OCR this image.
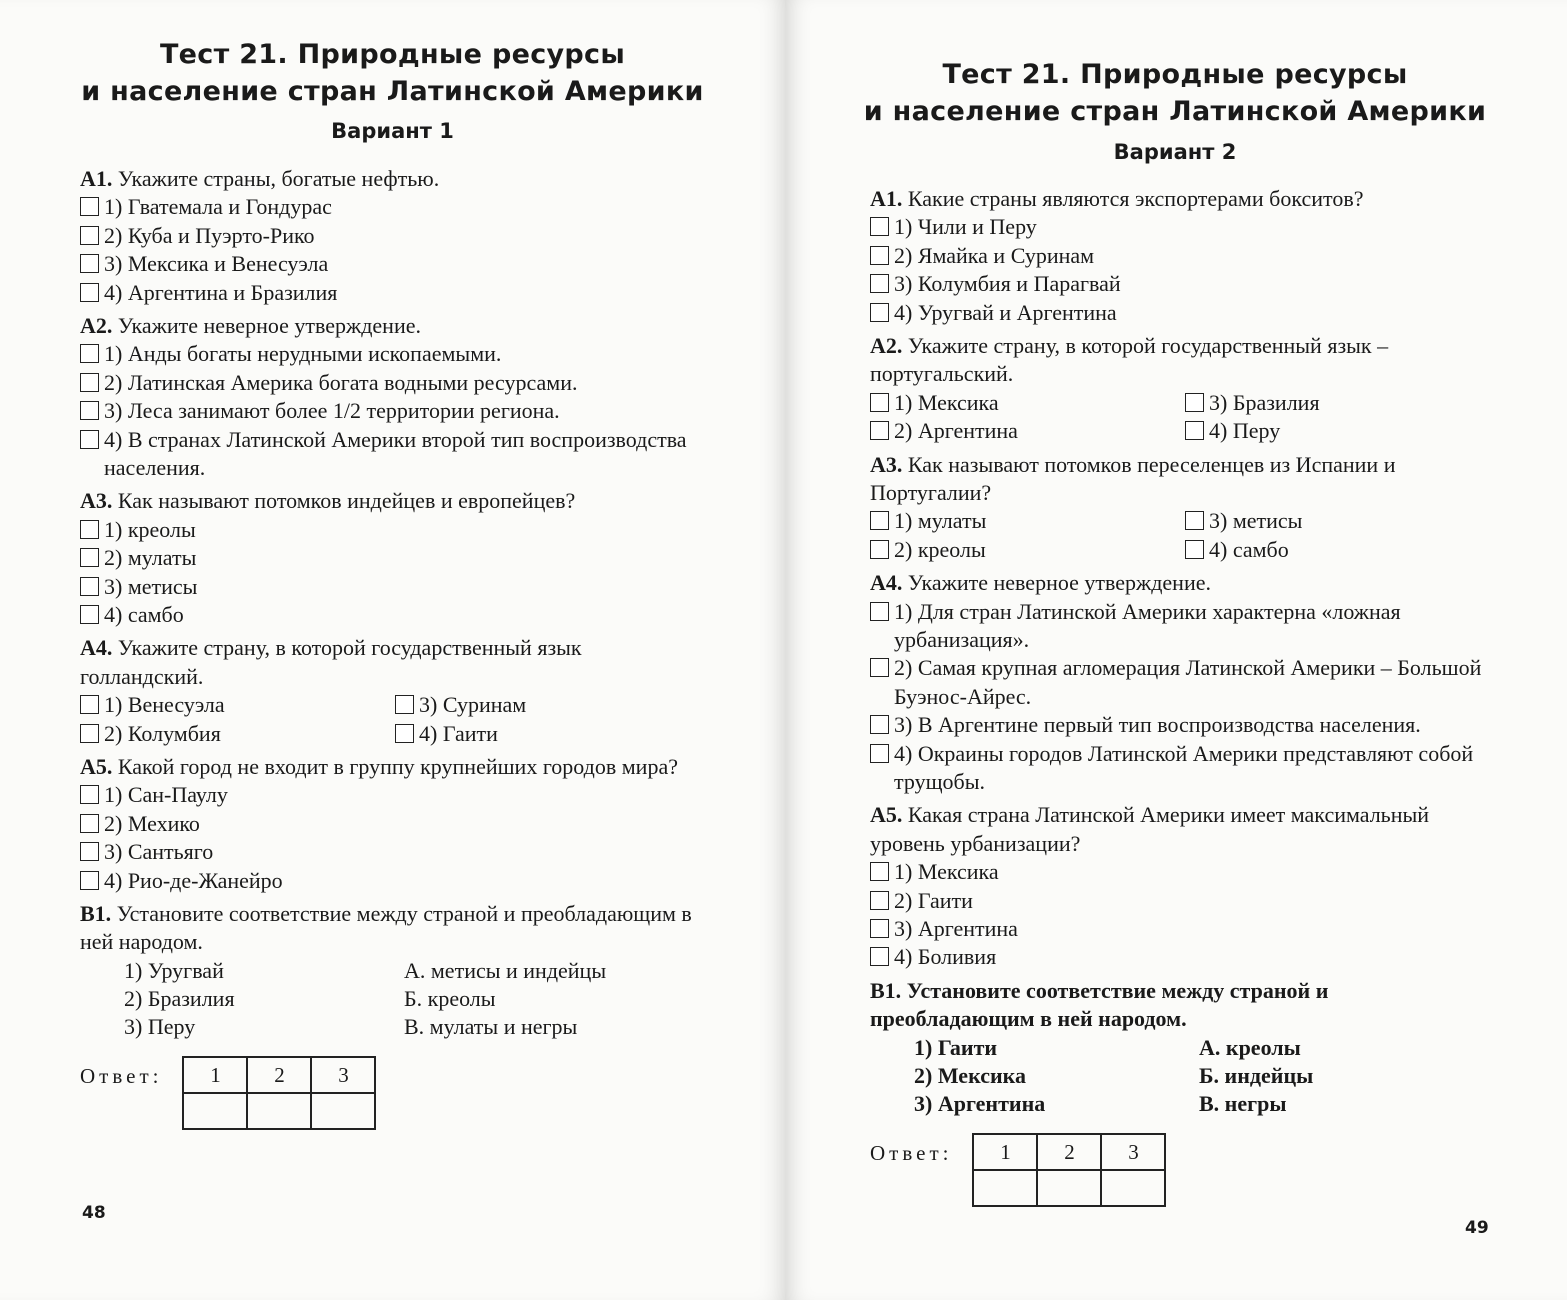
Тест 21. Природные ресурсы
и население стран Латинской Америки
Вариант 1
A1. Укажите страны, богатые нефтью.
1) Гватемала и Гондурас
2) Куба и Пуэрто-Рико
3) Мексика и Венесуэла
4) Аргентина и Бразилия
A2. Укажите неверное утверждение.
1) Анды богаты нерудными ископаемыми.
2) Латинская Америка богата водными ресурсами.
3) Леса занимают более 1/2 территории региона.
4) В странах Латинской Америки второй тип воспроизводства населения.
A3. Как называют потомков индейцев и европейцев?
1) креолы
2) мулаты
3) метисы
4) самбо
A4. Укажите страну, в которой государственный язык голландский.
1) Венесуэла	3) Суринам
2) Колумбия	4) Гаити
A5. Какой город не входит в группу крупнейших городов мира?
1) Сан-Паулу
2) Мехико
3) Сантьяго
4) Рио-де-Жанейро
B1. Установите соответствие между страной и преобладающим в ней народом.
1) Уругвай	А. метисы и индейцы
2) Бразилия	Б. креолы
3) Перу	В. мулаты и негры
Ответ: 1	2	3

48
Тест 21. Природные ресурсы
и население стран Латинской Америки
Вариант 2
A1. Какие страны являются экспортерами бокситов?
1) Чили и Перу
2) Ямайка и Суринам
3) Колумбия и Парагвай
4) Уругвай и Аргентина
A2. Укажите страну, в которой государственный язык – португальский.
1) Мексика	3) Бразилия
2) Аргентина	4) Перу
A3. Как называют потомков переселенцев из Испании и Португалии?
1) мулаты	3) метисы
2) креолы	4) самбо
A4. Укажите неверное утверждение.
1) Для стран Латинской Америки характерна «ложная урбанизация».
2) Самая крупная агломерация Латинской Америки – Большой Буэнос-Айрес.
3) В Аргентине первый тип воспроизводства населения.
4) Окраины городов Латинской Америки представляют собой трущобы.
A5. Какая страна Латинской Америки имеет максимальный уровень урбанизации?
1) Мексика
2) Гаити
3) Аргентина
4) Боливия
B1. Установите соответствие между страной и преобладающим в ней народом.
1) Гаити	А. креолы
2) Мексика	Б. индейцы
3) Аргентина	В. негры
Ответ: 1	2	3

49
